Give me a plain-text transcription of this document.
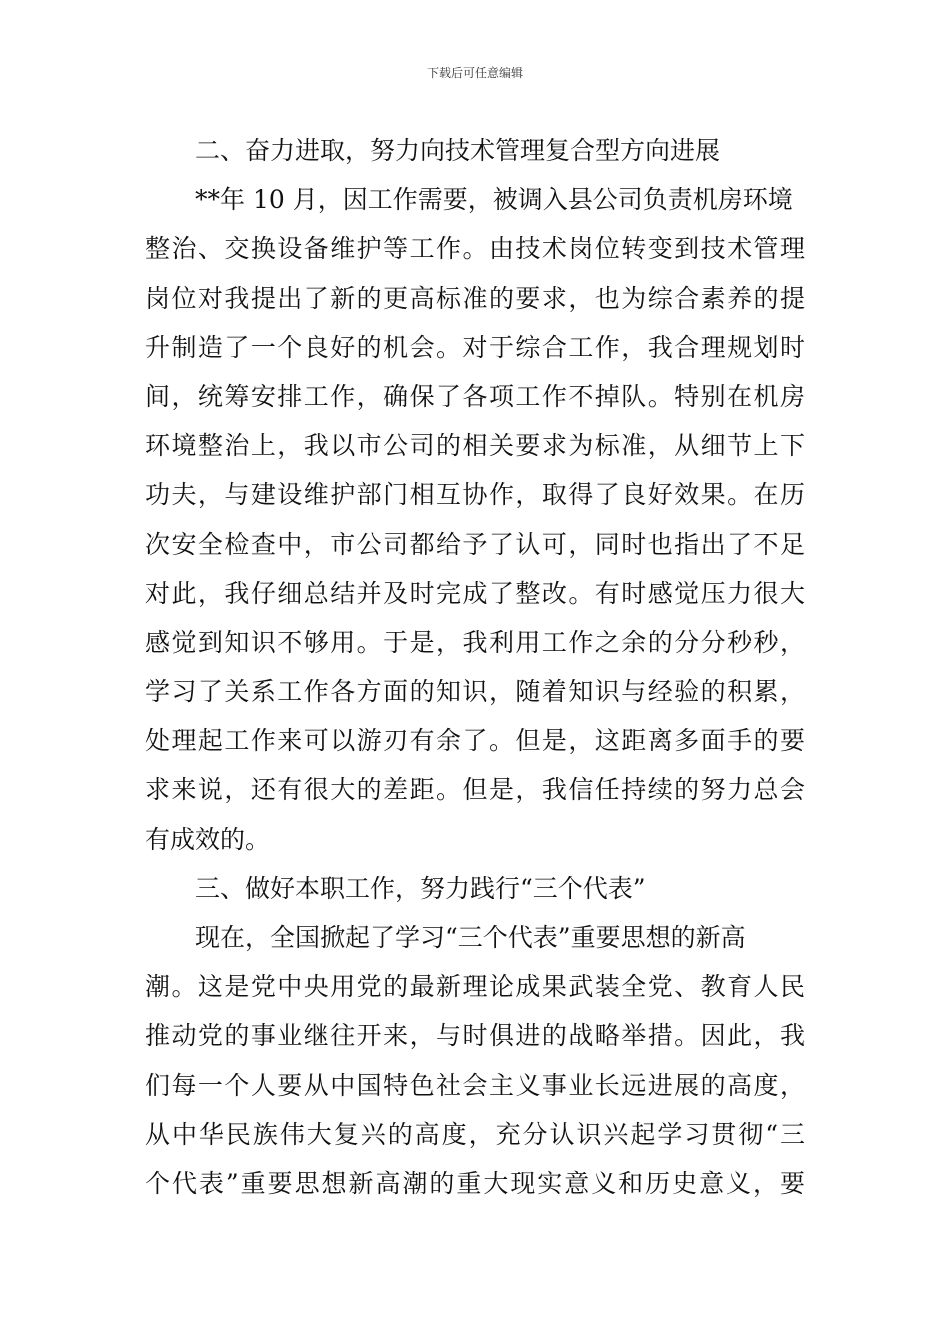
下载后可任意编辑

二、奋力进取，努力向技术管理复合型方向进展

**年 10 月，因工作需要，被调入县公司负责机房环境

整治、交换设备维护等工作。由技术岗位转变到技术管理

岗位对我提出了新的更高标准的要求，也为综合素养的提

升制造了一个良好的机会。对于综合工作，我合理规划时

间，统筹安排工作，确保了各项工作不掉队。特别在机房

环境整治上，我以市公司的相关要求为标准，从细节上下

功夫，与建设维护部门相互协作，取得了良好效果。在历

次安全检查中，市公司都给予了认可，同时也指出了不足

对此，我仔细总结并及时完成了整改。有时感觉压力很大

感觉到知识不够用。于是，我利用工作之余的分分秒秒，

学习了关系工作各方面的知识，随着知识与经验的积累，

处理起工作来可以游刃有余了。但是，这距离多面手的要

求来说，还有很大的差距。但是，我信任持续的努力总会

有成效的。

三、做好本职工作，努力践行“三个代表”

现在，全国掀起了学习“三个代表”重要思想的新高

潮。这是党中央用党的最新理论成果武装全党、教育人民

推动党的事业继往开来，与时俱进的战略举措。因此，我

们每一个人要从中国特色社会主义事业长远进展的高度，

从中华民族伟大复兴的高度，充分认识兴起学习贯彻“三

个代表”重要思想新高潮的重大现实意义和历史意义，要
